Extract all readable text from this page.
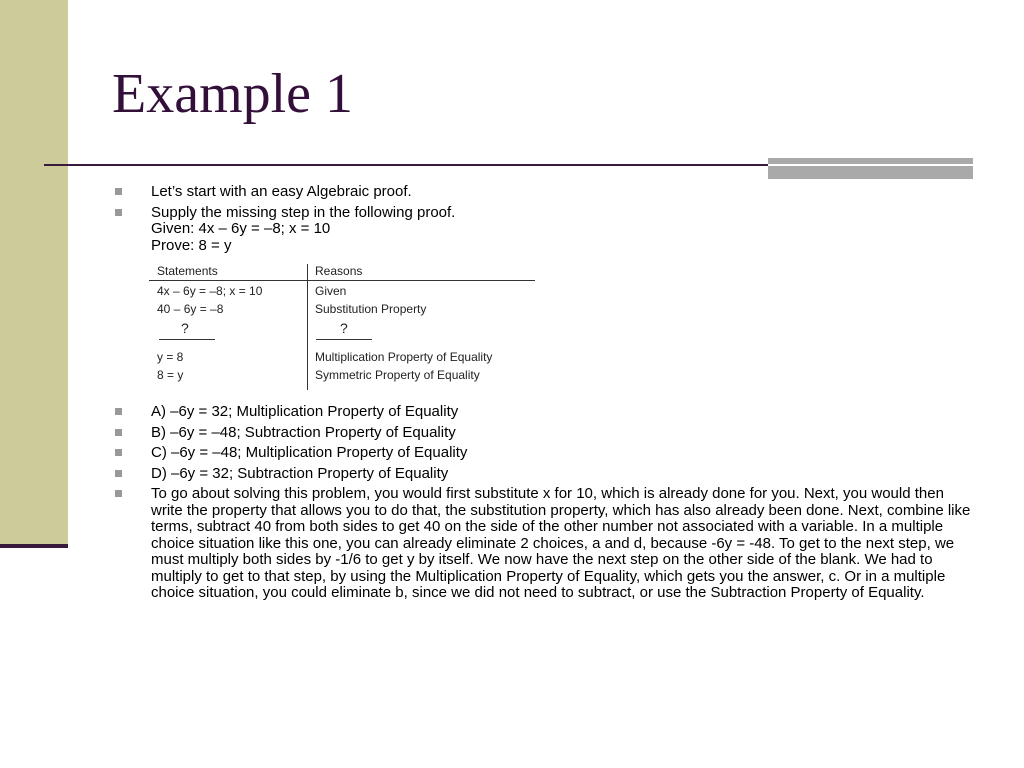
Example 1
Let’s start with an easy Algebraic proof.
Supply the missing step in the following proof.
Given: 4x – 6y = –8; x = 10
Prove: 8 = y
Statements	Reasons
4x – 6y = –8; x = 10	Given
40 – 6y = –8	Substitution Property
?	?
y = 8	Multiplication Property of Equality
8 = y	Symmetric Property of Equality
A) –6y = 32; Multiplication Property of Equality
B) –6y = –48; Subtraction Property of Equality
C) –6y = –48; Multiplication Property of Equality
D) –6y = 32; Subtraction Property of Equality
To go about solving this problem, you would first substitute x for 10, which is already done for you. Next, you would then write the property that allows you to do that, the substitution property, which has also already been done. Next, combine like terms, subtract 40 from both sides to get 40 on the side of the other number not associated with a variable. In a multiple choice situation like this one, you can already eliminate 2 choices, a and d, because -6y = -48. To get to the next step, we must multiply both sides by -1/6 to get y by itself. We now have the next step on the other side of the blank. We had to multiply to get to that step, by using the Multiplication Property of Equality, which gets you the answer, c. Or in a multiple choice situation, you could eliminate b, since we did not need to subtract, or use the Subtraction Property of Equality.
